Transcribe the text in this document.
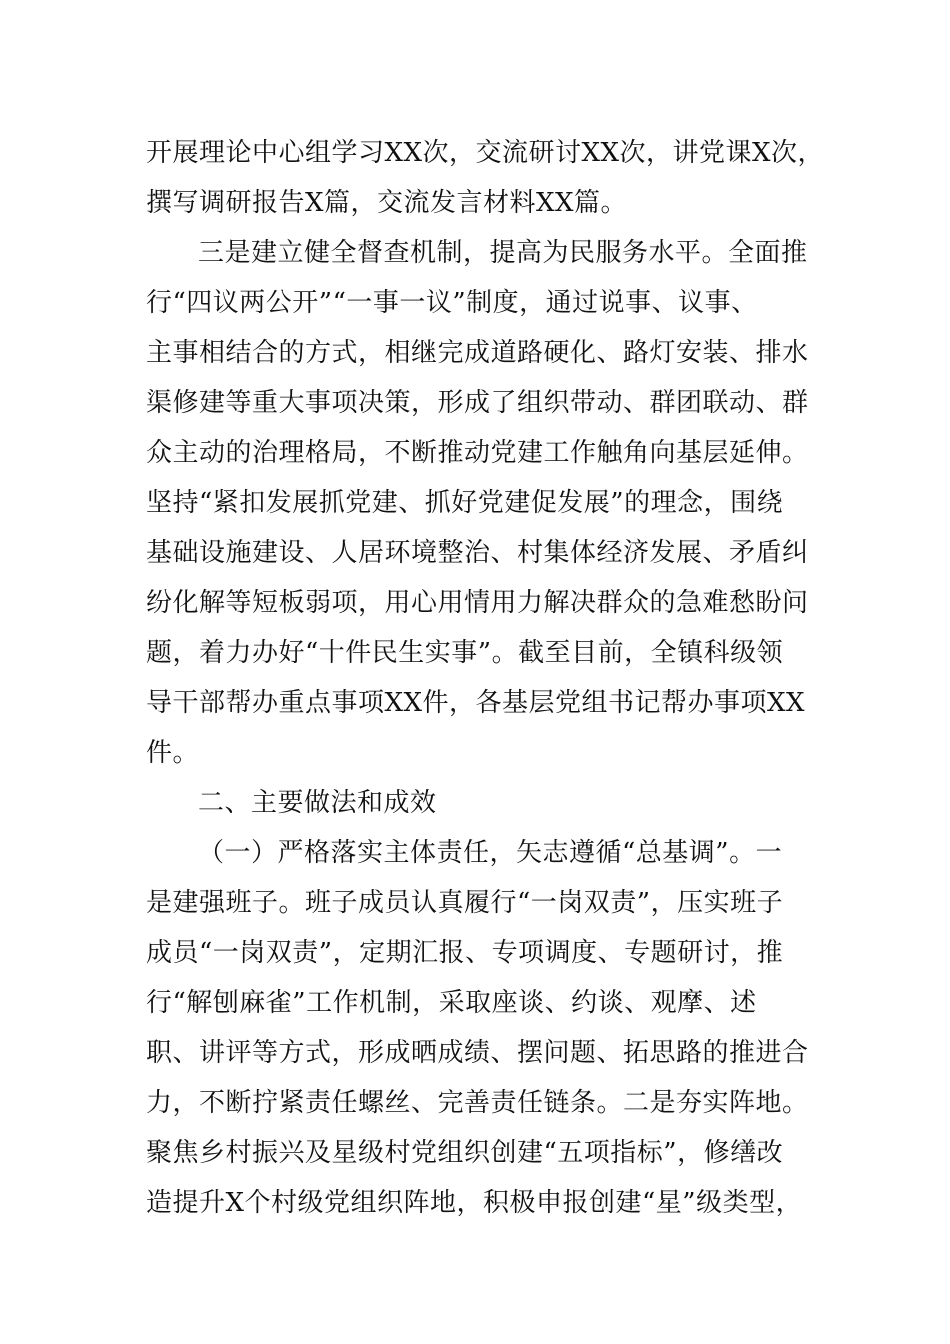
开展理论中心组学习XX次，交流研讨XX次，讲党课X次，
撰写调研报告X篇，交流发言材料XX篇。
三是建立健全督查机制，提高为民服务水平。全面推
行“四议两公开”“一事一议”制度，通过说事、议事、
主事相结合的方式，相继完成道路硬化、路灯安装、排水
渠修建等重大事项决策，形成了组织带动、群团联动、群
众主动的治理格局，不断推动党建工作触角向基层延伸。
坚持“紧扣发展抓党建、抓好党建促发展”的理念，围绕
基础设施建设、人居环境整治、村集体经济发展、矛盾纠
纷化解等短板弱项，用心用情用力解决群众的急难愁盼问
题，着力办好“十件民生实事”。截至目前，全镇科级领
导干部帮办重点事项XX件，各基层党组书记帮办事项XX
件。
二、主要做法和成效
（一）严格落实主体责任，矢志遵循“总基调”。一
是建强班子。班子成员认真履行“一岗双责”，压实班子
成员“一岗双责”，定期汇报、专项调度、专题研讨，推
行“解刨麻雀”工作机制，采取座谈、约谈、观摩、述
职、讲评等方式，形成晒成绩、摆问题、拓思路的推进合
力，不断拧紧责任螺丝、完善责任链条。二是夯实阵地。
聚焦乡村振兴及星级村党组织创建“五项指标”，修缮改
造提升X个村级党组织阵地，积极申报创建“星”级类型，
